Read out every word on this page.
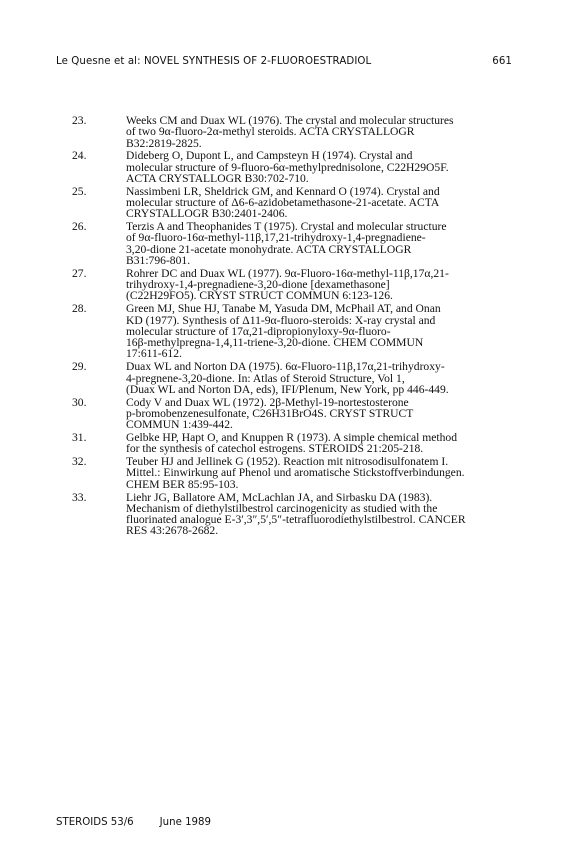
Le Quesne et al: NOVEL SYNTHESIS OF 2-FLUOROESTRADIOL	661
23.	Weeks CM and Duax WL (1976). The crystal and molecular structures
of two 9α-fluoro-2α-methyl steroids. ACTA CRYSTALLOGR
B32:2819-2825.
24.	Dideberg O, Dupont L, and Campsteyn H (1974). Crystal and
molecular structure of 9-fluoro-6α-methylprednisolone, C22H29O5F.
ACTA CRYSTALLOGR B30:702-710.
25.	Nassimbeni LR, Sheldrick GM, and Kennard O (1974). Crystal and
molecular structure of Δ6-6-azidobetamethasone-21-acetate. ACTA
CRYSTALLOGR B30:2401-2406.
26.	Terzis A and Theophanides T (1975). Crystal and molecular structure
of 9α-fluoro-16α-methyl-11β,17,21-trihydroxy-1,4-pregnadiene-
3,20-dione 21-acetate monohydrate. ACTA CRYSTALLOGR
B31:796-801.
27.	Rohrer DC and Duax WL (1977). 9α-Fluoro-16α-methyl-11β,17α,21-
trihydroxy-1,4-pregnadiene-3,20-dione [dexamethasone]
(C22H29FO5). CRYST STRUCT COMMUN 6:123-126.
28.	Green MJ, Shue HJ, Tanabe M, Yasuda DM, McPhail AT, and Onan
KD (1977). Synthesis of Δ11-9α-fluoro-steroids: X-ray crystal and
molecular structure of 17α,21-dipropionyloxy-9α-fluoro-
16β-methylpregna-1,4,11-triene-3,20-dione. CHEM COMMUN
17:611-612.
29.	Duax WL and Norton DA (1975). 6α-Fluoro-11β,17α,21-trihydroxy-
4-pregnene-3,20-dione. In: Atlas of Steroid Structure, Vol 1,
(Duax WL and Norton DA, eds), IFI/Plenum, New York, pp 446-449.
30.	Cody V and Duax WL (1972). 2β-Methyl-19-nortestosterone
p-bromobenzenesulfonate, C26H31BrO4S. CRYST STRUCT
COMMUN 1:439-442.
31.	Gelbke HP, Hapt O, and Knuppen R (1973). A simple chemical method
for the synthesis of catechol estrogens. STEROIDS 21:205-218.
32.	Teuber HJ and Jellinek G (1952). Reaction mit nitrosodisulfonatem I.
Mittel.: Einwirkung auf Phenol und aromatische Stickstoffverbindungen.
CHEM BER 85:95-103.
33.	Liehr JG, Ballatore AM, McLachlan JA, and Sirbasku DA (1983).
Mechanism of diethylstilbestrol carcinogenicity as studied with the
fluorinated analogue E-3′,3″,5′,5″-tetrafluorodiethylstilbestrol. CANCER
RES 43:2678-2682.
STEROIDS 53/6	June 1989
